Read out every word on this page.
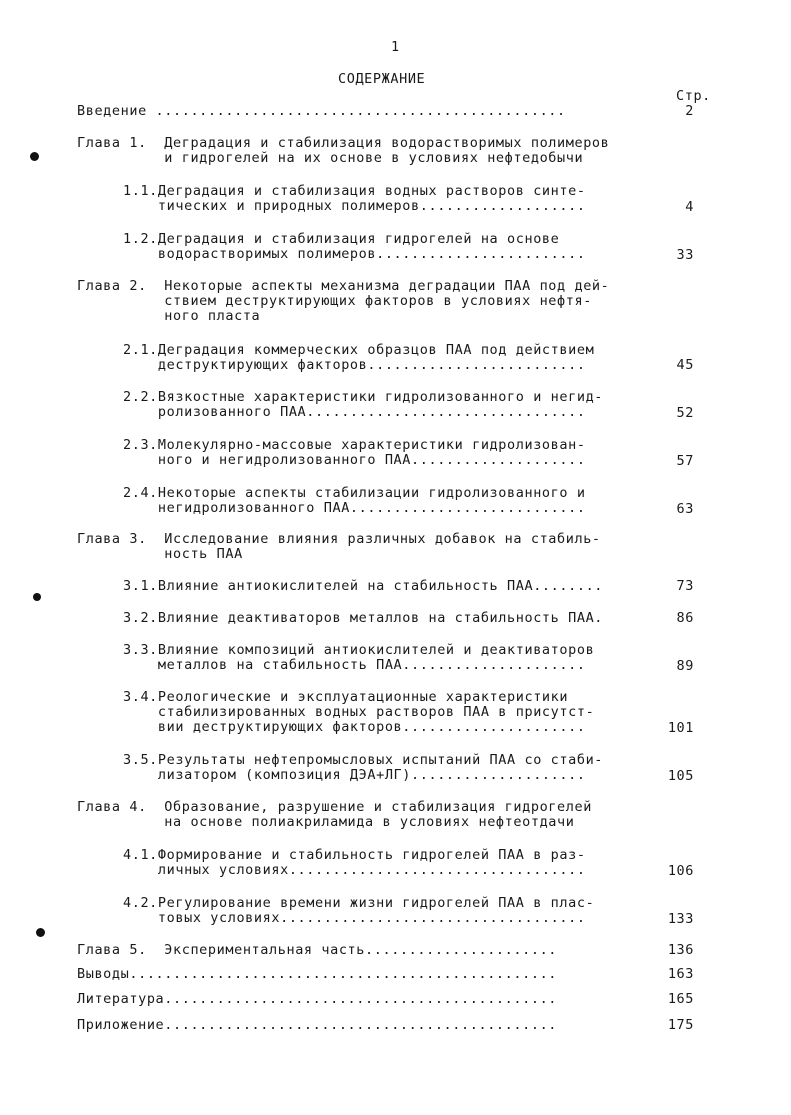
1
СОДЕРЖАНИЕ
Стр.
Введение ...............................................	2
Глава 1.  Деградация и стабилизация водорастворимых полимеров
и гидрогелей на их основе в условиях нефтедобычи
1.1.Деградация и стабилизация водных растворов синте-
тических и природных полимеров...................	4
1.2.Деградация и стабилизация гидрогелей на основе
водорастворимых полимеров........................	33
Глава 2.  Некоторые аспекты механизма деградации ПАА под дей-
ствием деструктирующих факторов в условиях нефтя-
ного пласта
2.1.Деградация коммерческих образцов ПАА под действием
деструктирующих факторов.........................	45
2.2.Вязкостные характеристики гидролизованного и негид-
ролизованного ПАА................................	52
2.3.Молекулярно-массовые характеристики гидролизован-
ного и негидролизованного ПАА....................	57
2.4.Некоторые аспекты стабилизации гидролизованного и
негидролизованного ПАА...........................	63
Глава 3.  Исследование влияния различных добавок на стабиль-
ность ПАА
3.1.Влияние антиокислителей на стабильность ПАА........	73
3.2.Влияние деактиваторов металлов на стабильность ПАА.	86
3.3.Влияние композиций антиокислителей и деактиваторов
металлов на стабильность ПАА.....................	89
3.4.Реологические и эксплуатационные характеристики
стабилизированных водных растворов ПАА в присутст-
вии деструктирующих факторов.....................	101
3.5.Результаты нефтепромысловых испытаний ПАА со стаби-
лизатором (композиция ДЭА+ЛГ)....................	105
Глава 4.  Образование, разрушение и стабилизация гидрогелей
на основе полиакриламида в условиях нефтеотдачи
4.1.Формирование и стабильность гидрогелей ПАА в раз-
личных условиях..................................	106
4.2.Регулирование времени жизни гидрогелей ПАА в плас-
товых условиях...................................	133
Глава 5.  Экспериментальная часть......................	136
Выводы.................................................	163
Литература.............................................	165
Приложение.............................................	175
